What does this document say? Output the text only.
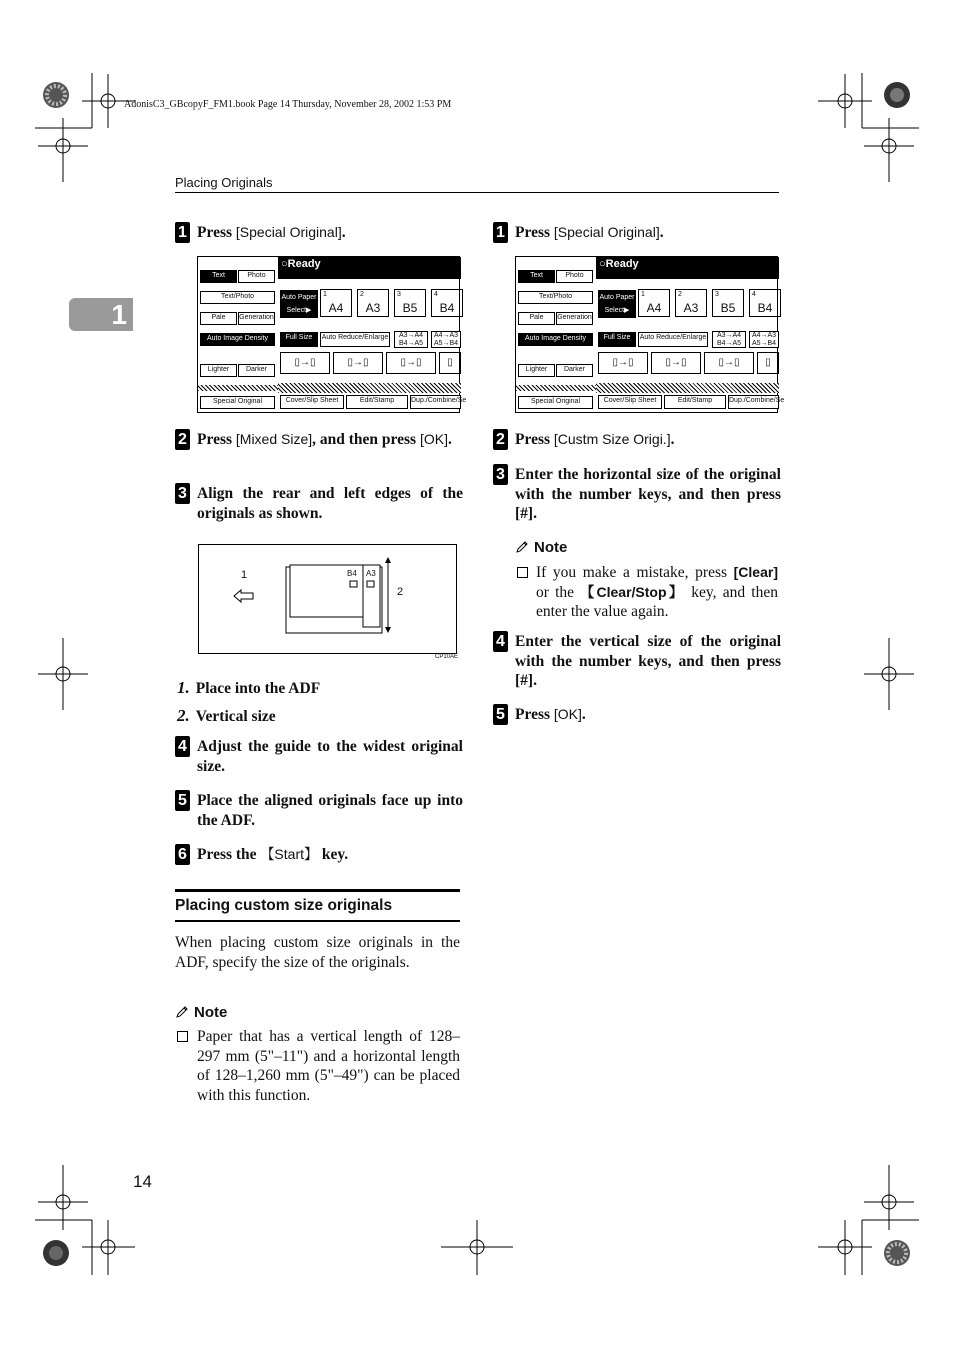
AdonisC3_GBcopyF_FM1.book Page 14 Thursday, November 28, 2002 1:53 PM
Placing Originals
1
1 Press [Special Original].
Text	Photo
Text/Photo
Pale	Generation
Auto Image Density
Lighter	Darker
Special Original
○Ready
Auto Paper Select▶
1
A4
2
A3
3
B5
4
B4
Full Size	Auto Reduce/Enlarge	A3→A4 B4→A5
A4→A3 A5→B4
▯→▯	▯→▯	▯→▯	▯
Cover/Slip Sheet	Edit/Stamp	Dup./Combine/Se
2 Press [Mixed Size], and then press [OK].
3 Align the rear and left edges of the originals as shown.
1	B4 A3
2
CP10AE
1. Place into the ADF
2. Vertical size
4 Adjust the guide to the widest original size.
5 Place the aligned originals face up into the ADF.
6 Press the 【Start】 key.
Placing custom size originals
When placing custom size originals in the ADF, specify the size of the originals.
Note
Paper that has a vertical length of 128–297 mm (5"–11") and a horizontal length of 128–1,260 mm (5"–49") can be placed with this function.
14
1 Press [Special Original].
Text	Photo
Text/Photo
Pale	Generation
Auto Image Density
Lighter	Darker
Special Original
○Ready
Auto Paper Select▶
1
A4
2
A3
3
B5
4
B4
Full Size	Auto Reduce/Enlarge	A3→A4 B4→A5
A4→A3 A5→B4
▯→▯	▯→▯	▯→▯	▯
Cover/Slip Sheet	Edit/Stamp	Dup./Combine/Se
2 Press [Custm Size Origi.].
3 Enter the horizontal size of the original with the number keys, and then press [#].
Note
If you make a mistake, press [Clear] or the 【Clear/Stop】 key, and then enter the value again.
4 Enter the vertical size of the original with the number keys, and then press [#].
5 Press [OK].
